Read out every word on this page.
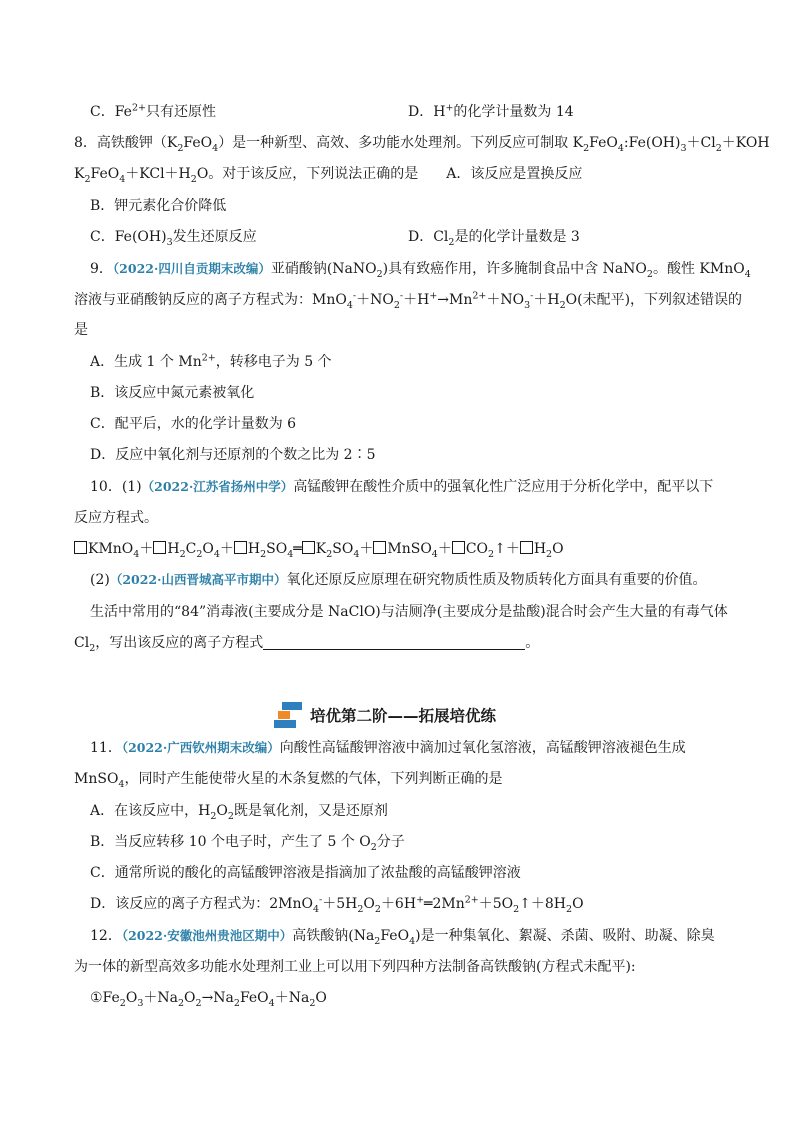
C．$Fe^{2+}$只有还原性	D．H+的化学计量数为 14
8．高铁酸钾$(K_2FeO_4)$是一种新型、高效、多功能水处理剂。下列反应可制取 $K_2FeO_4:Fe(OH)_3+Cl_2+KOH$
$K_2FeO_4+KCl+H_2O$。对于该反应，下列说法正确的是　　A．该反应是置换反应
B．钾元素化合价降低
C．$Fe(OH)_3$发生还原反应	D．$Cl_2$是的化学计量数是 3
9．（2022·四川自贡期末改编）亚硝酸钠(NaNO$_2$)具有致癌作用，许多腌制食品中含 NaNO$_2$。酸性 KMnO$_4$
溶液与亚硝酸钠反应的离子方程式为：$MnO_4^-+NO_2^-+H^+\to Mn^{2+}+NO_3^-+H_2O$(未配平)，下列叙述错误的
是
A．生成 1 个 $Mn^{2+}$，转移电子为 5 个
B．该反应中氮元素被氧化
C．配平后，水的化学计量数为 6
D．反应中氧化剂与还原剂的个数之比为 2∶5
10．(1)（2022·江苏省扬州中学）高锰酸钾在酸性介质中的强氧化性广泛应用于分析化学中，配平以下
反应方程式。
KMnO$_4$＋ $H_2C_2O_4+$ $H_2SO_4═$ $K_2SO_4+$ MnSO$_4$＋ $CO_2↑+ H_2O$
(2)（2022·山西晋城高平市期中）氧化还原反应原理在研究物质性质及物质转化方面具有重要的价值。
生活中常用的“84”消毒液(主要成分是 NaClO)与洁厕净(主要成分是盐酸)混合时会产生大量的有毒气体
$Cl_2$，写出该反应的离子方程式	。
培优第二阶——拓展培优练
11．（2022·广西钦州期末改编）向酸性高锰酸钾溶液中滴加过氧化氢溶液，高锰酸钾溶液褪色生成
MnSO$_4$，同时产生能使带火星的木条复燃的气体，下列判断正确的是
A．在该反应中，$H_2O_2$既是氧化剂，又是还原剂
B．当反应转移 10 个电子时，产生了 5 个 $O_2$分子
C．通常所说的酸化的高锰酸钾溶液是指滴加了浓盐酸的高锰酸钾溶液
D．该反应的离子方程式为：$2MnO_4^-+5H_2O_2+6H^+═2Mn^{2+}+5O_2↑+8H_2O$
12．（2022·安徽池州贵池区期中）高铁酸钠$(Na_2FeO_4)$是一种集氧化、絮凝、杀菌、吸附、助凝、除臭
为一体的新型高效多功能水处理剂工业上可以用下列四种方法制备高铁酸钠(方程式未配平):
$①Fe_2O_3+Na_2O_2\to Na_2FeO_4+Na_2O$
